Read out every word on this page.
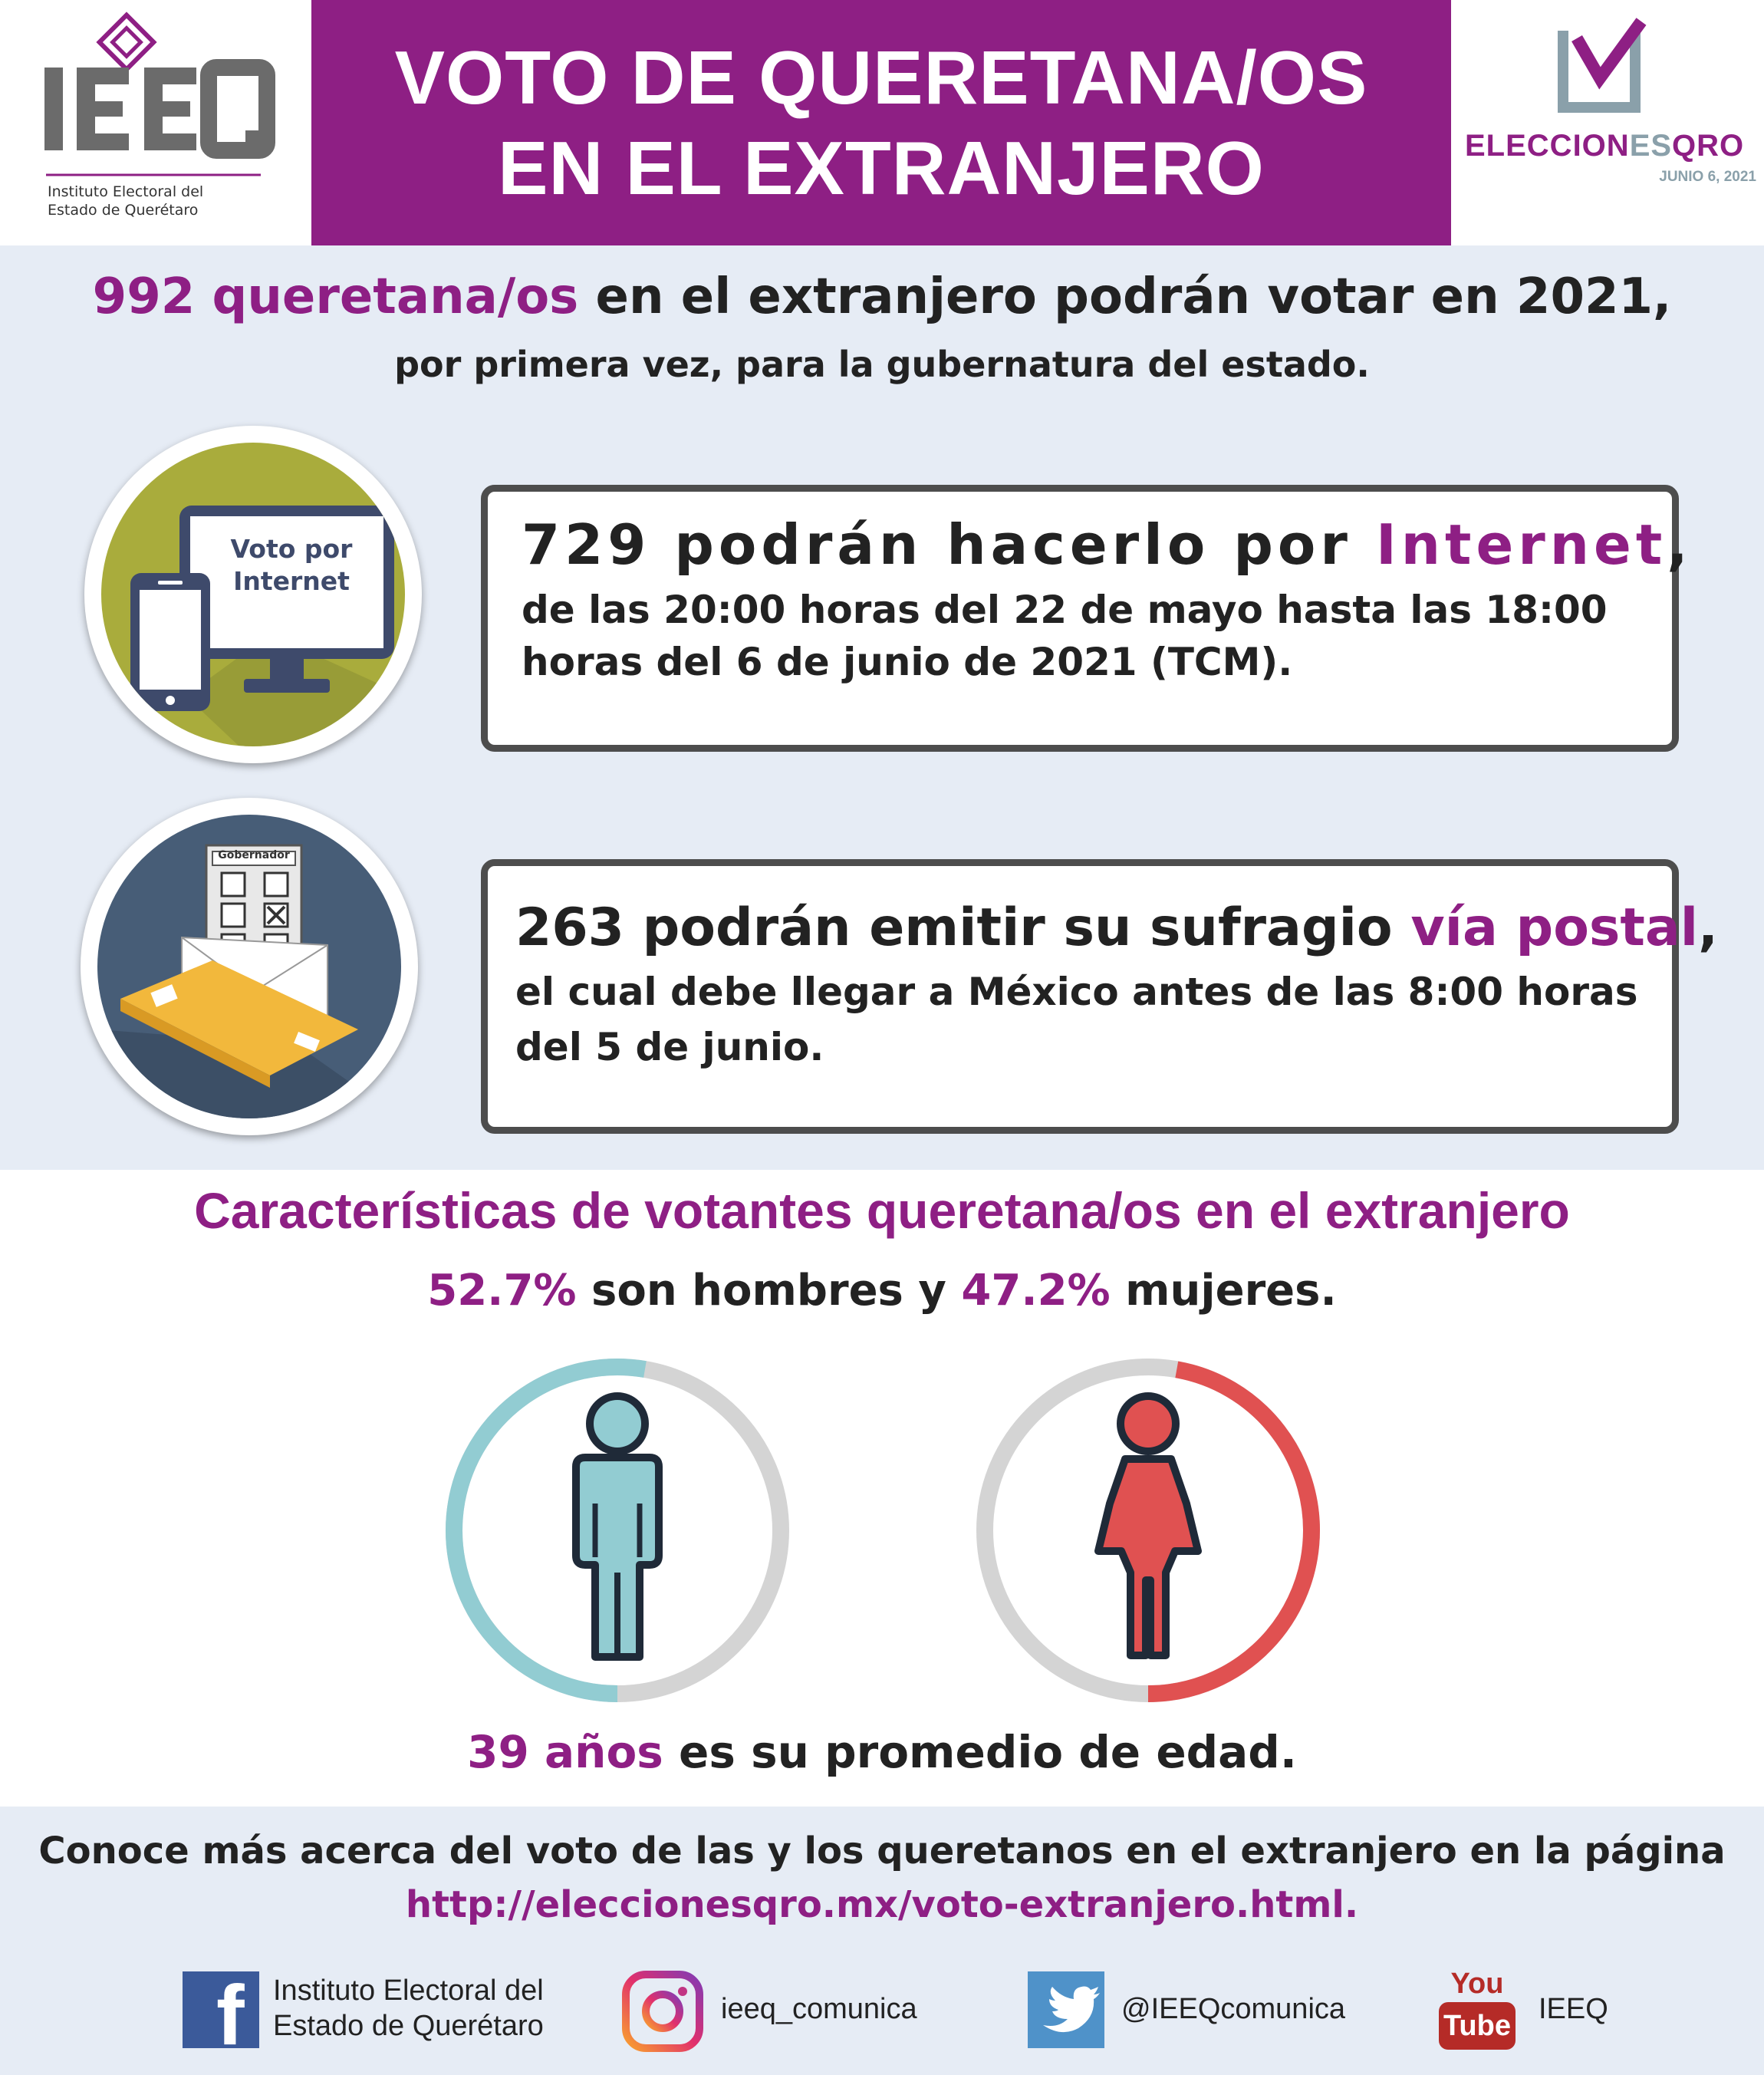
Instituto Electoral del
Estado de Querétaro
VOTO DE QUERETANA/OS
EN EL EXTRANJERO	ELECCIONESQRO
JUNIO 6, 2021
992 queretana/os en el extranjero podrán votar en 2021,
por primera vez, para la gubernatura del estado.
729 podrán hacerlo por Internet,
de las 20:00 horas del 22 de mayo hasta las 18:00
horas del 6 de junio de 2021 (TCM).
Voto por
Internet
263 podrán emitir su sufragio vía postal,
el cual debe llegar a México antes de las 8:00 horas
del 5 de junio.
Gobernador
Características de votantes queretana/os en el extranjero
52.7% son hombres y 47.2% mujeres.
39 años es su promedio de edad.
Conoce más acerca del voto de las y los queretanos en el extranjero en la página
http://eleccionesqro.mx/voto-extranjero.html.
f Instituto Electoral del
Estado de Querétaro
ieeq_comunica	@IEEQcomunica
You
Tube
IEEQ
